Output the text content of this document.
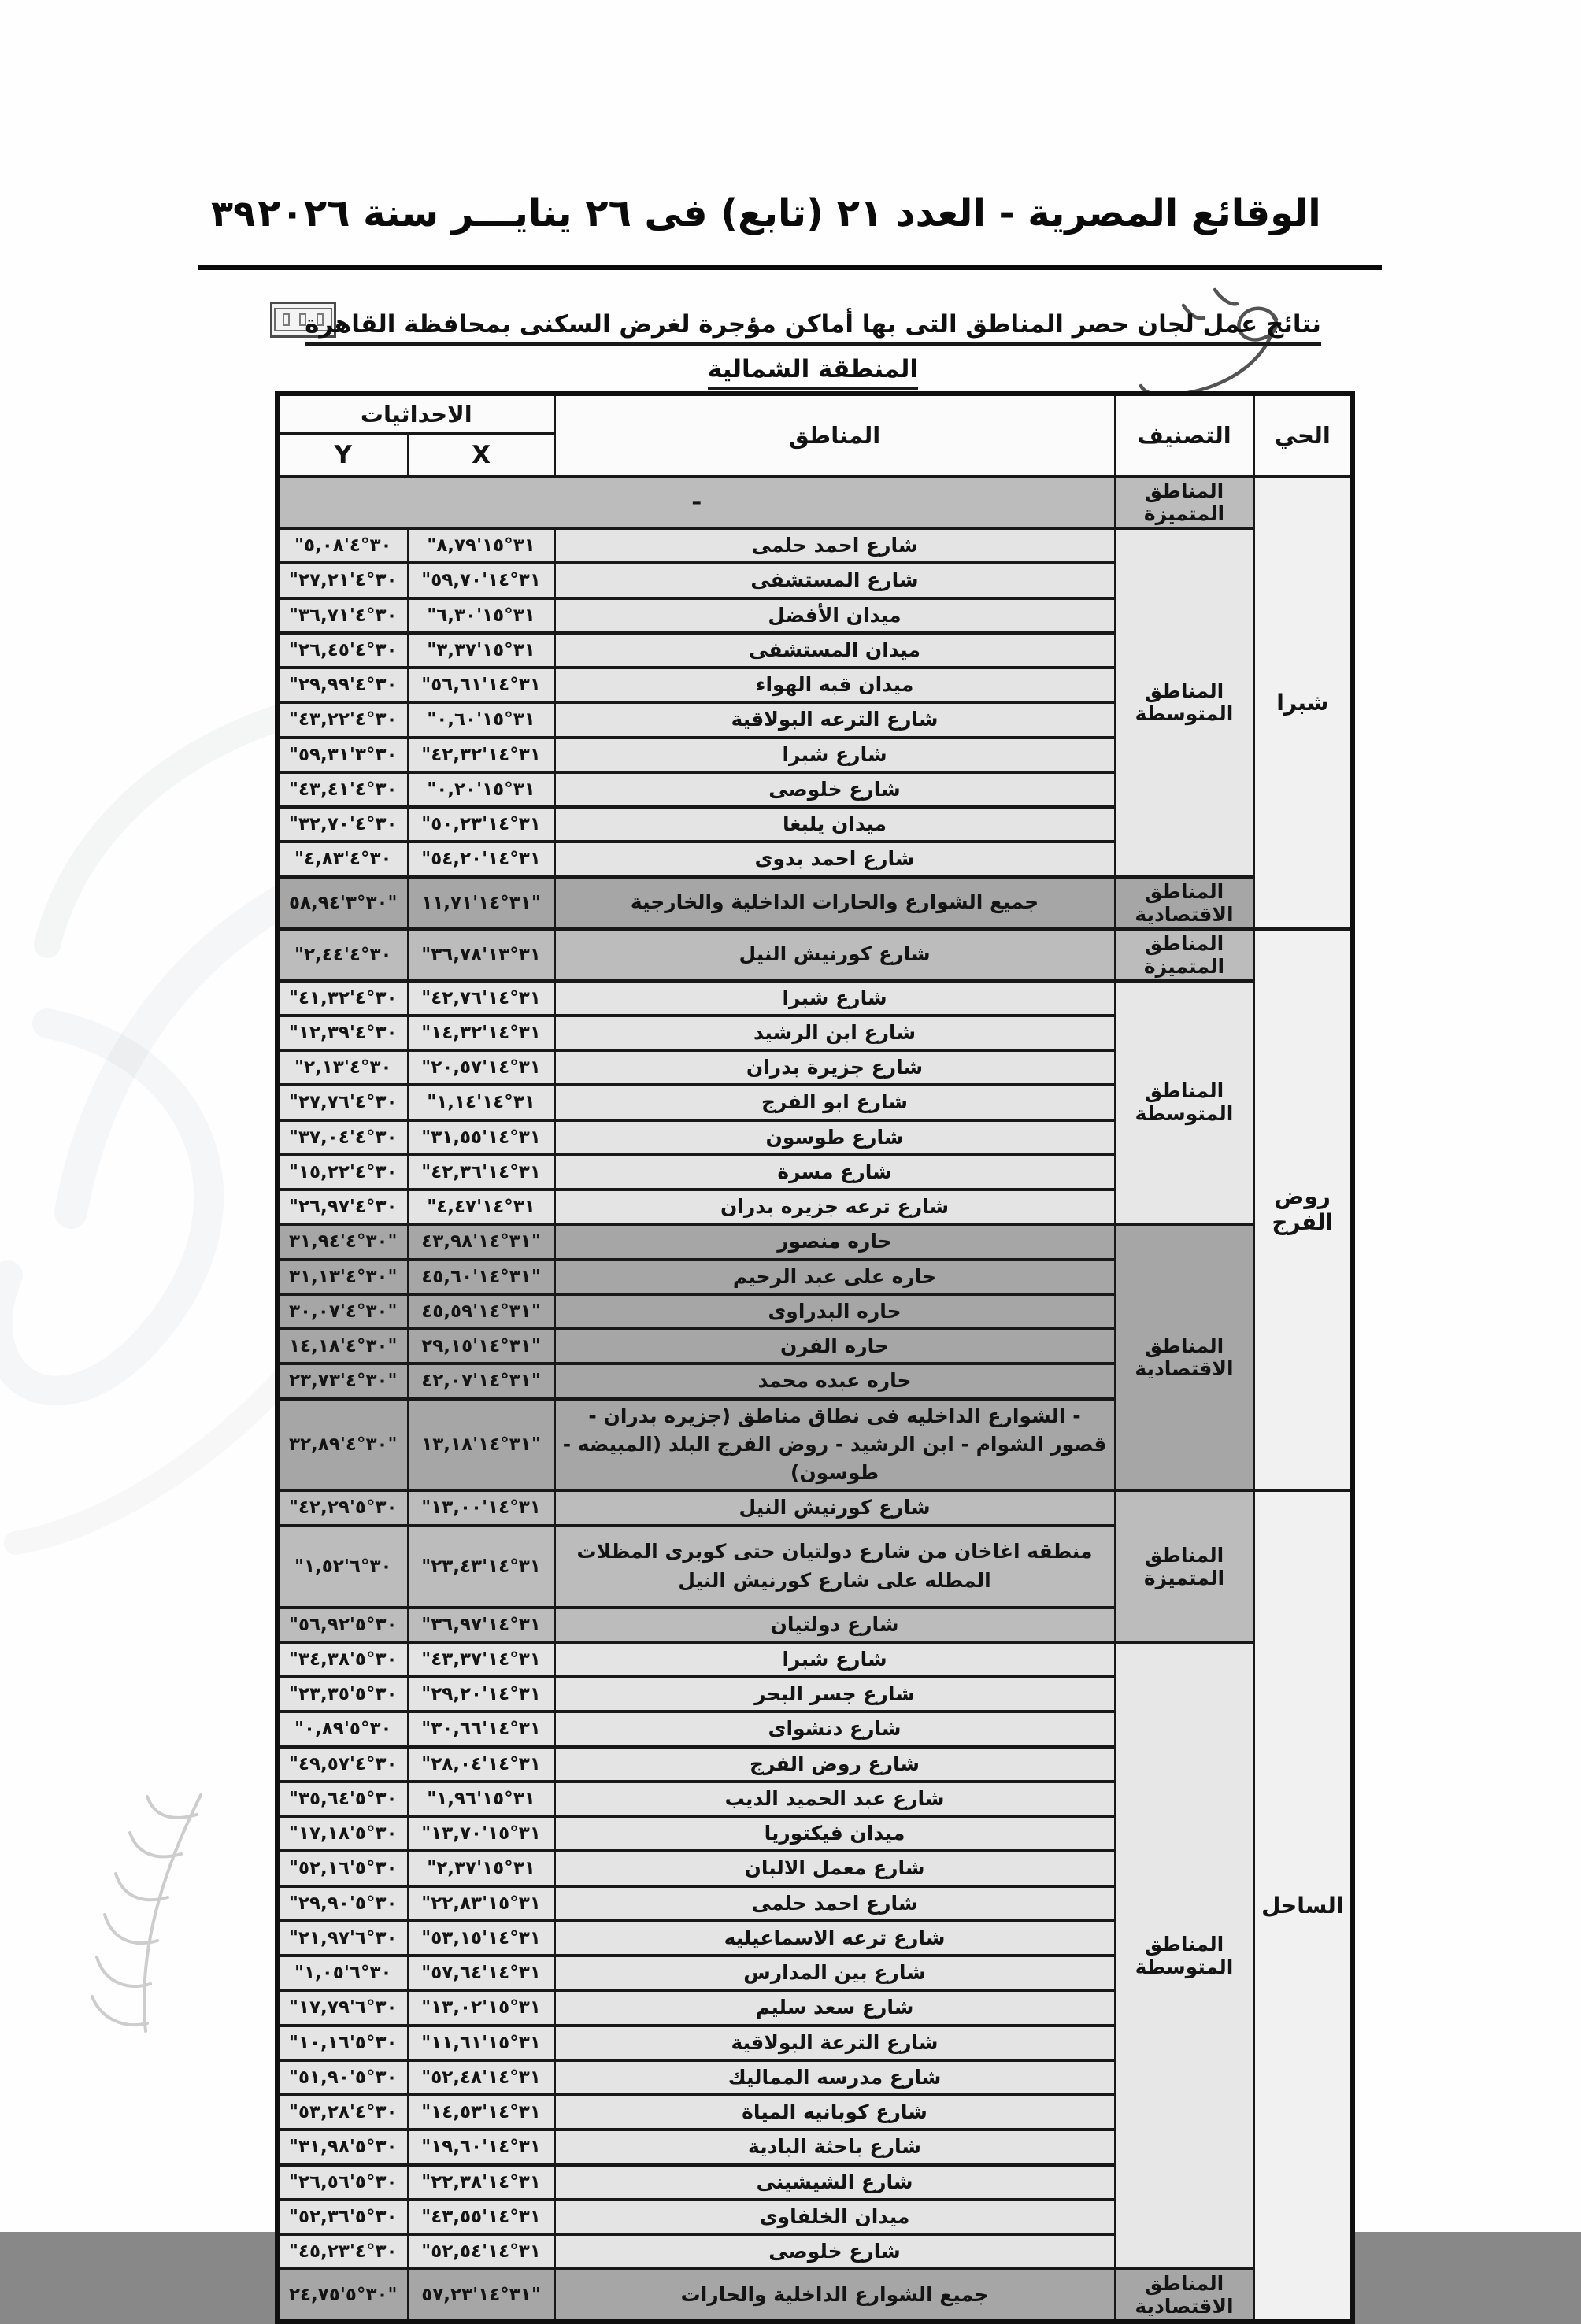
الوقائع المصرية - العدد ٢١ (تابع) فى ٢٦ ينايـــر سنة ٢٠٢٦
٣٩
نتائج عمل لجان حصر المناطق التى بها أماكن مؤجرة لغرض السكنى بمحافظة القاهرة
المنطقة الشمالية
الحي	التصنيف	المناطق	الاحداثيات	
			X	Y
شبرا	المناطق المتميزة	–		
	المناطق المتوسطة	شارع احمد حلمى	٣١°١٥'٨,٧٩"	٣٠°٤'٥,٠٨"
		شارع المستشفى	٣١°١٤'٥٩,٧٠"	٣٠°٤'٢٧,٢١"
		ميدان الأفضل	٣١°١٥'٦,٣٠"	٣٠°٤'٣٦,٧١"
		ميدان المستشفى	٣١°١٥'٣,٣٧"	٣٠°٤'٢٦,٤٥"
		ميدان قبه الهواء	٣١°١٤'٥٦,٦١"	٣٠°٤'٢٩,٩٩"
		شارع الترعه البولاقية	٣١°١٥'٠,٦٠"	٣٠°٤'٤٣,٢٢"
		شارع شبرا	٣١°١٤'٤٢,٣٢"	٣٠°٣'٥٩,٣١"
		شارع خلوصى	٣١°١٥'٠,٢٠"	٣٠°٤'٤٣,٤١"
		ميدان يلبغا	٣١°١٤'٥٠,٢٣"	٣٠°٤'٣٢,٧٠"
		شارع احمد بدوى	٣١°١٤'٥٤,٢٠"	٣٠°٤'٤,٨٣"
	المناطق الاقتصادية	جميع الشوارع والحارات الداخلية والخارجية	٣١°١٤'١١,٧١"	٣٠°٣'٥٨,٩٤"
روض الفرج	المناطق المتميزة	شارع كورنيش النيل	٣١°١٣'٣٦,٧٨"	٣٠°٤'٢,٤٤"
	المناطق المتوسطة	شارع شبرا	٣١°١٤'٤٢,٧٦"	٣٠°٤'٤١,٣٢"
		شارع ابن الرشيد	٣١°١٤'١٤,٣٢"	٣٠°٤'١٢,٣٩"
		شارع جزيرة بدران	٣١°١٤'٢٠,٥٧"	٣٠°٤'٢,١٣"
		شارع ابو الفرج	٣١°١٤'١,١٤"	٣٠°٤'٢٧,٧٦"
		شارع طوسون	٣١°١٤'٣١,٥٥"	٣٠°٤'٣٧,٠٤"
		شارع مسرة	٣١°١٤'٤٢,٣٦"	٣٠°٤'١٥,٢٢"
		شارع ترعه جزيره بدران	٣١°١٤'٤,٤٧"	٣٠°٤'٢٦,٩٧"
	المناطق الاقتصادية	حاره منصور	٣١°١٤'٤٣,٩٨"	٣٠°٤'٣١,٩٤"
		حاره على عبد الرحيم	٣١°١٤'٤٥,٦٠"	٣٠°٤'٣١,١٣"
		حاره البدراوى	٣١°١٤'٤٥,٥٩"	٣٠°٤'٣٠,٠٧"
		حاره الفرن	٣١°١٤'٢٩,١٥"	٣٠°٤'١٤,١٨"
		حاره عبده محمد	٣١°١٤'٤٢,٠٧"	٣٠°٤'٢٣,٧٣"
		- الشوارع الداخليه فى نطاق مناطق (جزيره بدران - قصور الشوام - ابن الرشيد - روض الفرج البلد (المبيضه - طوسون)	٣١°١٤'١٣,١٨"	٣٠°٤'٣٢,٨٩"
الساحل	المناطق المتميزة	شارع كورنيش النيل	٣١°١٤'١٣,٠٠"	٣٠°٥'٤٢,٢٩"
		منطقه اغاخان من شارع دولتيان حتى كوبرى المظلات المطله على شارع كورنيش النيل	٣١°١٤'٢٣,٤٣"	٣٠°٦'١,٥٢"
		شارع دولتيان	٣١°١٤'٣٦,٩٧"	٣٠°٥'٥٦,٩٢"
	المناطق المتوسطة	شارع شبرا	٣١°١٤'٤٣,٣٧"	٣٠°٥'٣٤,٣٨"
		شارع جسر البحر	٣١°١٤'٢٩,٢٠"	٣٠°٥'٢٣,٣٥"
		شارع دنشواى	٣١°١٤'٣٠,٦٦"	٣٠°٥'٠,٨٩"
		شارع روض الفرج	٣١°١٤'٢٨,٠٤"	٣٠°٤'٤٩,٥٧"
		شارع عبد الحميد الديب	٣١°١٥'١,٩٦"	٣٠°٥'٣٥,٦٤"
		ميدان فيكتوريا	٣١°١٥'١٣,٧٠"	٣٠°٥'١٧,١٨"
		شارع معمل الالبان	٣١°١٥'٢,٣٧"	٣٠°٥'٥٢,١٦"
		شارع احمد حلمى	٣١°١٥'٢٢,٨٣"	٣٠°٥'٢٩,٩٠"
		شارع ترعه الاسماعيليه	٣١°١٤'٥٣,١٥"	٣٠°٦'٢١,٩٧"
		شارع بين المدارس	٣١°١٤'٥٧,٦٤"	٣٠°٦'١,٠٥"
		شارع سعد سليم	٣١°١٥'١٣,٠٢"	٣٠°٦'١٧,٧٩"
		شارع الترعة البولاقية	٣١°١٥'١١,٦١"	٣٠°٥'١٠,١٦"
		شارع مدرسه المماليك	٣١°١٤'٥٢,٤٨"	٣٠°٥'٥١,٩٠"
		شارع كوبانيه المياة	٣١°١٤'١٤,٥٣"	٣٠°٤'٥٣,٢٨"
		شارع باحثة البادية	٣١°١٤'١٩,٦٠"	٣٠°٥'٣١,٩٨"
		شارع الشيشينى	٣١°١٤'٢٢,٣٨"	٣٠°٥'٢٦,٥٦"
		ميدان الخلفاوى	٣١°١٤'٤٣,٥٥"	٣٠°٥'٥٢,٣٦"
		شارع خلوصى	٣١°١٤'٥٢,٥٤"	٣٠°٤'٤٥,٢٣"
	المناطق الاقتصادية	جميع الشوارع الداخلية والحارات	٣١°١٤'٥٧,٢٣"	٣٠°٥'٢٤,٧٥"
